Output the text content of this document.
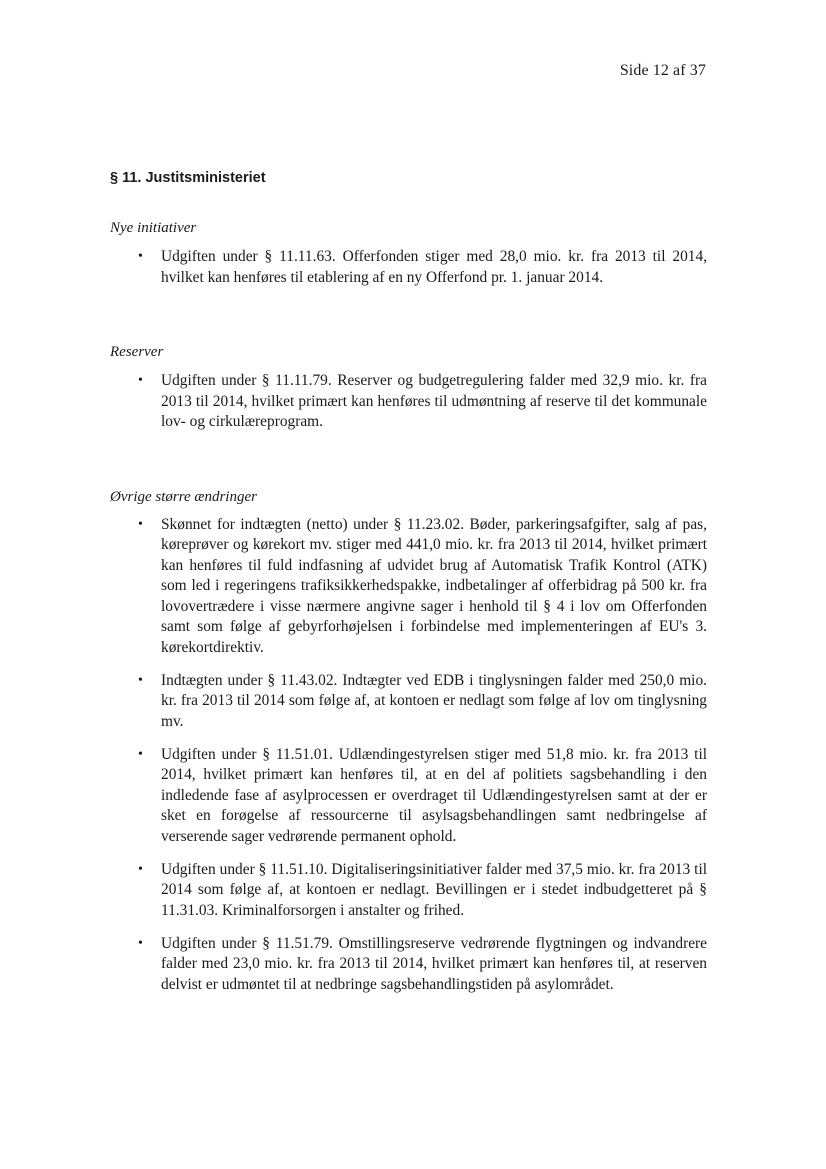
Side 12 af 37
§ 11. Justitsministeriet

Nye initiativer

• Udgiften under § 11.11.63. Offerfonden stiger med 28,0 mio. kr. fra 2013 til 2014, hvilket kan henføres til etablering af en ny Offerfond pr. 1. januar 2014.

Reserver

• Udgiften under § 11.11.79. Reserver og budgetregulering falder med 32,9 mio. kr. fra 2013 til 2014, hvilket primært kan henføres til udmøntning af reserve til det kommunale lov- og cirkulæreprogram.

Øvrige større ændringer

• Skønnet for indtægten (netto) under § 11.23.02. Bøder, parkeringsafgifter, salg af pas, køreprøver og kørekort mv. stiger med 441,0 mio. kr. fra 2013 til 2014, hvilket primært kan henføres til fuld indfasning af udvidet brug af Automatisk Trafik Kontrol (ATK) som led i regeringens trafiksikkerhedspakke, indbetalinger af offerbidrag på 500 kr. fra lovovertrædere i visse nærmere angivne sager i henhold til § 4 i lov om Offerfonden samt som følge af gebyrforhøjelsen i forbindelse med implementeringen af EU's 3. kørekortdirektiv.
• Indtægten under § 11.43.02. Indtægter ved EDB i tinglysningen falder med 250,0 mio. kr. fra 2013 til 2014 som følge af, at kontoen er nedlagt som følge af lov om tinglysning mv.
• Udgiften under § 11.51.01. Udlændingestyrelsen stiger med 51,8 mio. kr. fra 2013 til 2014, hvilket primært kan henføres til, at en del af politiets sagsbehandling i den indledende fase af asylprocessen er overdraget til Udlændingestyrelsen samt at der er sket en forøgelse af ressourcerne til asylsagsbehandlingen samt nedbringelse af verserende sager vedrørende permanent ophold.
• Udgiften under § 11.51.10. Digitaliseringsinitiativer falder med 37,5 mio. kr. fra 2013 til 2014 som følge af, at kontoen er nedlagt. Bevillingen er i stedet indbudgetteret på § 11.31.03. Kriminalforsorgen i anstalter og frihed.
• Udgiften under § 11.51.79. Omstillingsreserve vedrørende flygtningen og indvandrere falder med 23,0 mio. kr. fra 2013 til 2014, hvilket primært kan henføres til, at reserven delvist er udmøntet til at nedbringe sagsbehandlingstiden på asylområdet.
